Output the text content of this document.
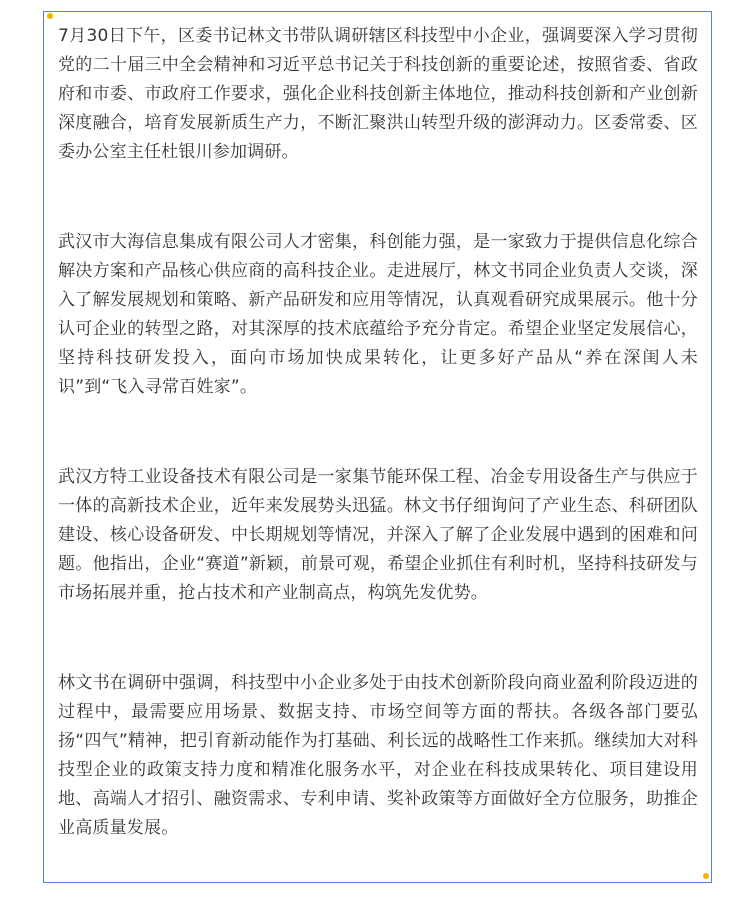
7月30日下午，区委书记林文书带队调研辖区科技型中小企业，强调要深入学习贯彻党的二十届三中全会精神和习近平总书记关于科技创新的重要论述，按照省委、省政府和市委、市政府工作要求，强化企业科技创新主体地位，推动科技创新和产业创新深度融合，培育发展新质生产力，不断汇聚洪山转型升级的澎湃动力。区委常委、区委办公室主任杜银川参加调研。

武汉市大海信息集成有限公司人才密集，科创能力强，是一家致力于提供信息化综合解决方案和产品核心供应商的高科技企业。走进展厅，林文书同企业负责人交谈，深入了解发展规划和策略、新产品研发和应用等情况，认真观看研究成果展示。他十分认可企业的转型之路，对其深厚的技术底蕴给予充分肯定。希望企业坚定发展信心，坚持科技研发投入，面向市场加快成果转化，让更多好产品从“养在深闺人未识”到“飞入寻常百姓家”。

武汉方特工业设备技术有限公司是一家集节能环保工程、冶金专用设备生产与供应于一体的高新技术企业，近年来发展势头迅猛。林文书仔细询问了产业生态、科研团队建设、核心设备研发、中长期规划等情况，并深入了解了企业发展中遇到的困难和问题。他指出，企业“赛道”新颖，前景可观，希望企业抓住有利时机，坚持科技研发与市场拓展并重，抢占技术和产业制高点，构筑先发优势。

林文书在调研中强调，科技型中小企业多处于由技术创新阶段向商业盈利阶段迈进的过程中，最需要应用场景、数据支持、市场空间等方面的帮扶。各级各部门要弘扬“四气”精神，把引育新动能作为打基础、利长远的战略性工作来抓。继续加大对科技型企业的政策支持力度和精准化服务水平，对企业在科技成果转化、项目建设用地、高端人才招引、融资需求、专利申请、奖补政策等方面做好全方位服务，助推企业高质量发展。
